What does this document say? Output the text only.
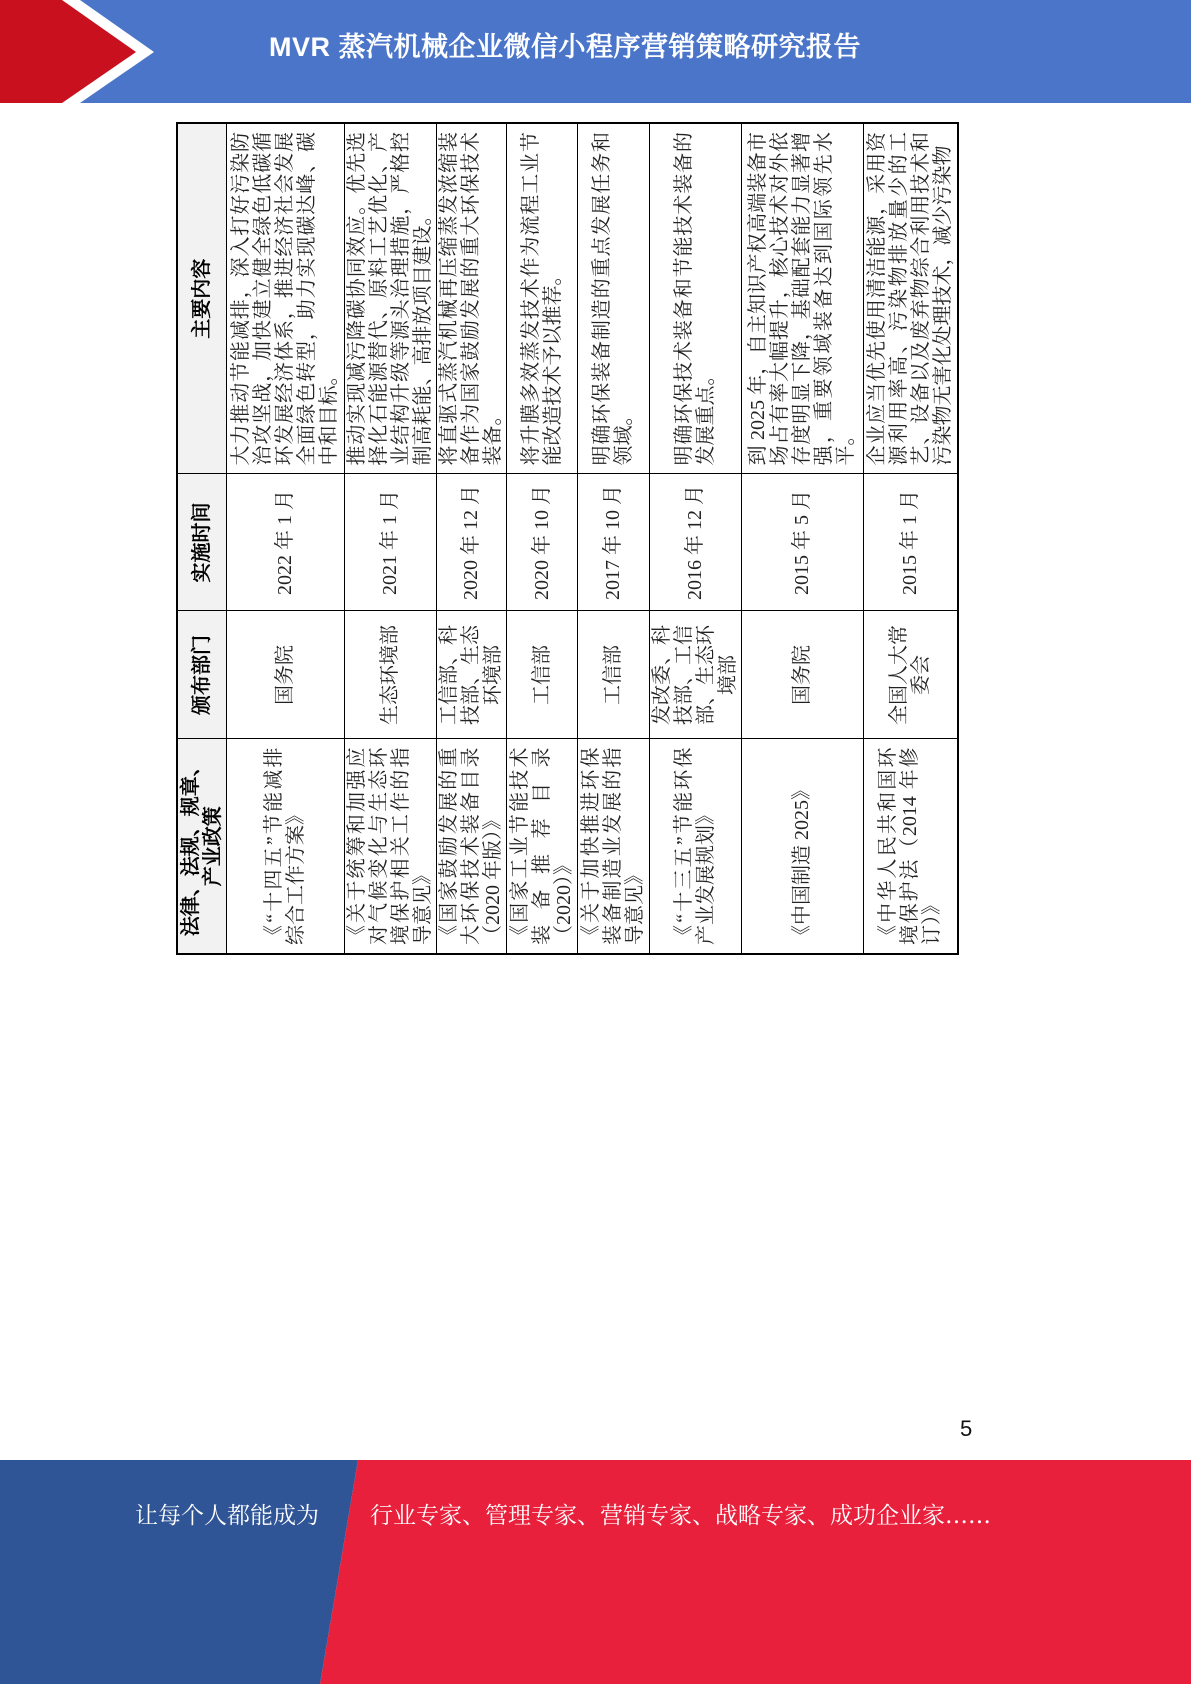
MVR 蒸汽机械企业微信小程序营销策略研究报告
法律、法规、规章、产业政策	颁布部门	实施时间	主要内容
《“十四五”节能减排综合工作方案》	国务院	2022 年 1 月	大力推动节能减排，深入打好污染防治攻坚战，加快建立健全绿色低碳循环发展经济体系，推进经济社会发展全面绿色转型，助力实现碳达峰、碳中和目标。
《关于统筹和加强应对气候变化与生态环境保护相关工作的指导意见》	生态环境部	2021 年 1 月	推动实现减污降碳协同效应。优先选择化石能源替代、原料工艺优化、产业结构升级等源头治理措施，严格控制高耗能、高排放项目建设。
《国家鼓励发展的重大环保技术装备目录（2020 年版）》	工信部、科技部、生态环境部	2020 年 12 月	将直驱式蒸汽机械再压缩蒸发浓缩装备作为国家鼓励发展的重大环保技术装备。
《国家工业节能技术装备推荐目录（2020）》	工信部	2020 年 10 月	将升膜多效蒸发技术作为流程工业节能改造技术予以推荐。
《关于加快推进环保装备制造业发展的指导意见》	工信部	2017 年 10 月	明确环保装备制造的重点发展任务和领域。
《“十三五”节能环保产业发展规划》	发改委、科技部、工信部、生态环境部	2016 年 12 月	明确环保技术装备和节能技术装备的发展重点。
《中国制造 2025》	国务院	2015 年 5 月	到 2025 年，自主知识产权高端装备市场占有率大幅提升，核心技术对外依存度明显下降，基础配套能力显著增强，重要领域装备达到国际领先水平。
《中华人民共和国环境保护法（2014 年修订）》	全国人大常委会	2015 年 1 月	企业应当优先使用清洁能源，采用资源利用率高、污染物排放量少的工艺、设备以及废弃物综合利用技术和污染物无害化处理技术，减少污染物
5
让每个人都能成为 行业专家、管理专家、营销专家、战略专家、成功企业家……
